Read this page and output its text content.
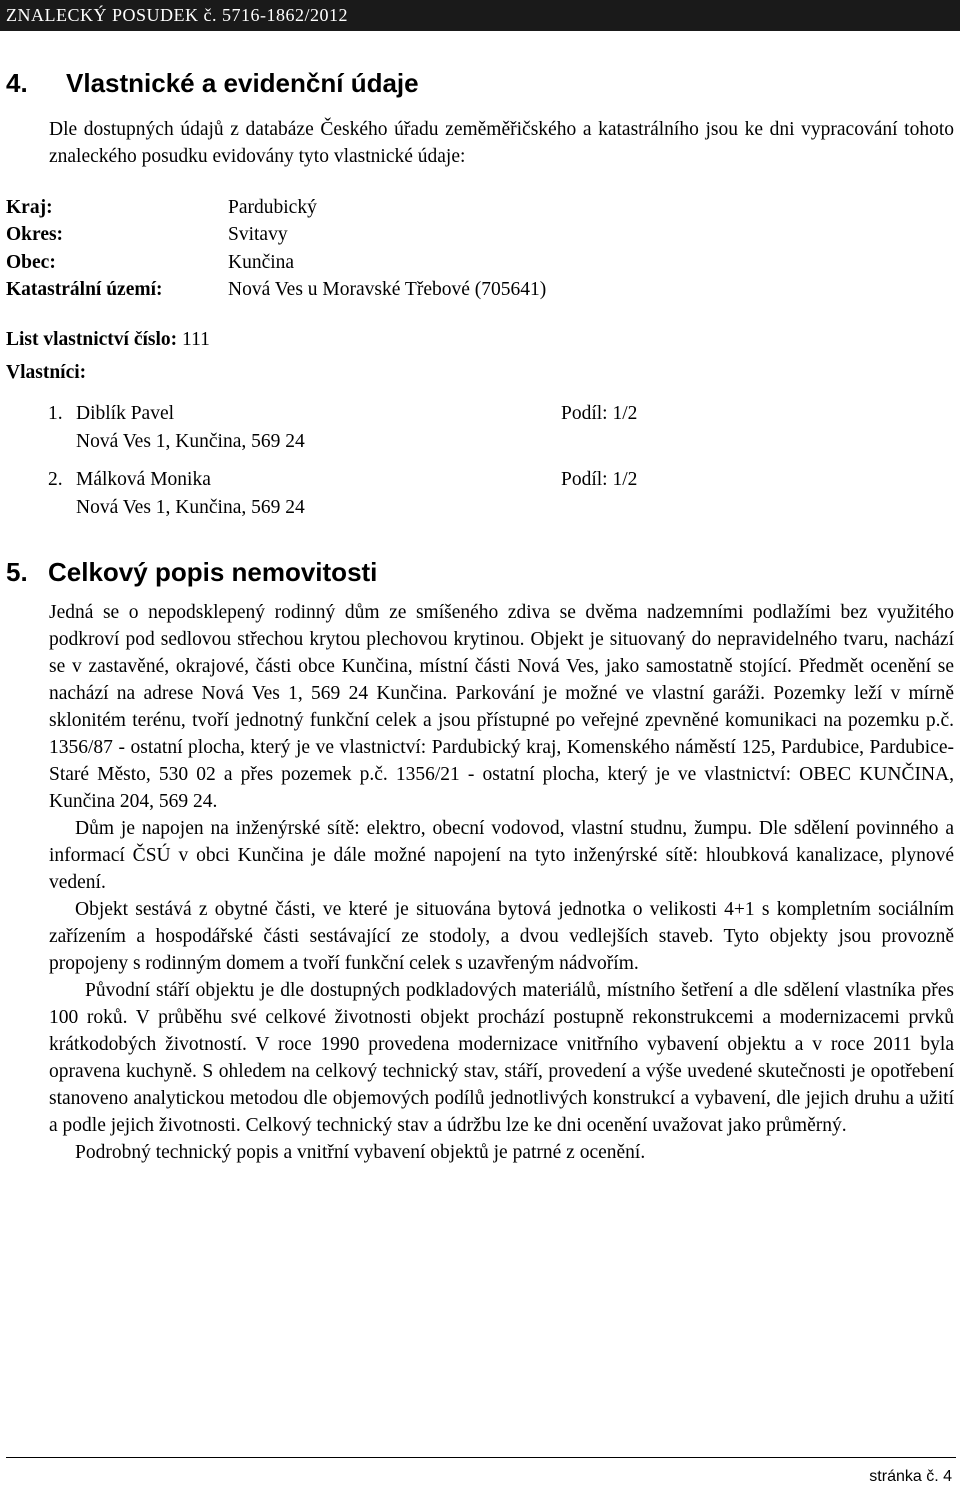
ZNALECKÝ POSUDEK č. 5716-1862/2012
4. Vlastnické a evidenční údaje
Dle dostupných údajů z databáze Českého úřadu zeměměřičského a katastrálního jsou ke dni vypracování tohoto znaleckého posudku evidovány tyto vlastnické údaje:
Kraj:	Pardubický
Okres:	Svitavy
Obec:	Kunčina
Katastrální území:	Nová Ves u Moravské Třebové (705641)
List vlastnictví číslo: 111
Vlastníci:
1. Diblík Pavel	Podíl: 1/2
Nová Ves 1, Kunčina, 569 24
2. Málková Monika	Podíl: 1/2
Nová Ves 1, Kunčina, 569 24
5. Celkový popis nemovitosti

Jedná se o nepodsklepený rodinný dům ze smíšeného zdiva se dvěma nadzemními podlažími bez využitého podkroví pod sedlovou střechou krytou plechovou krytinou. Objekt je situovaný do nepravidelného tvaru, nachází se v zastavěné, okrajové, části obce Kunčina, místní části Nová Ves, jako samostatně stojící. Předmět ocenění se nachází na adrese Nová Ves 1, 569 24 Kunčina. Parkování je možné ve vlastní garáži. Pozemky leží v mírně sklonitém terénu, tvoří jednotný funkční celek a jsou přístupné po veřejné zpevněné komunikaci na pozemku p.č. 1356/87 - ostatní plocha, který je ve vlastnictví: Pardubický kraj, Komenského náměstí 125, Pardubice, Pardubice-Staré Město, 530 02 a přes pozemek p.č. 1356/21 - ostatní plocha, který je ve vlastnictví: OBEC KUNČINA, Kunčina 204, 569 24.

Dům je napojen na inženýrské sítě: elektro, obecní vodovod, vlastní studnu, žumpu. Dle sdělení povinného a informací ČSÚ v obci Kunčina je dále možné napojení na tyto inženýrské sítě: hloubková kanalizace, plynové vedení.

Objekt sestává z obytné části, ve které je situována bytová jednotka o velikosti 4+1 s kompletním sociálním zařízením a hospodářské části sestávající ze stodoly, a dvou vedlejších staveb. Tyto objekty jsou provozně propojeny s rodinným domem a tvoří funkční celek s uzavřeným nádvořím.

Původní stáří objektu je dle dostupných podkladových materiálů, místního šetření a dle sdělení vlastníka přes 100 roků. V průběhu své celkové životnosti objekt prochází postupně rekonstrukcemi a modernizacemi prvků krátkodobých životností. V roce 1990 provedena modernizace vnitřního vybavení objektu a v roce 2011 byla opravena kuchyně. S ohledem na celkový technický stav, stáří, provedení a výše uvedené skutečnosti je opotřebení stanoveno analytickou metodou dle objemových podílů jednotlivých konstrukcí a vybavení, dle jejich druhu a užití a podle jejich životnosti. Celkový technický stav a údržbu lze ke dni ocenění uvažovat jako průměrný.

Podrobný technický popis a vnitřní vybavení objektů je patrné z ocenění.

stránka č. 4
